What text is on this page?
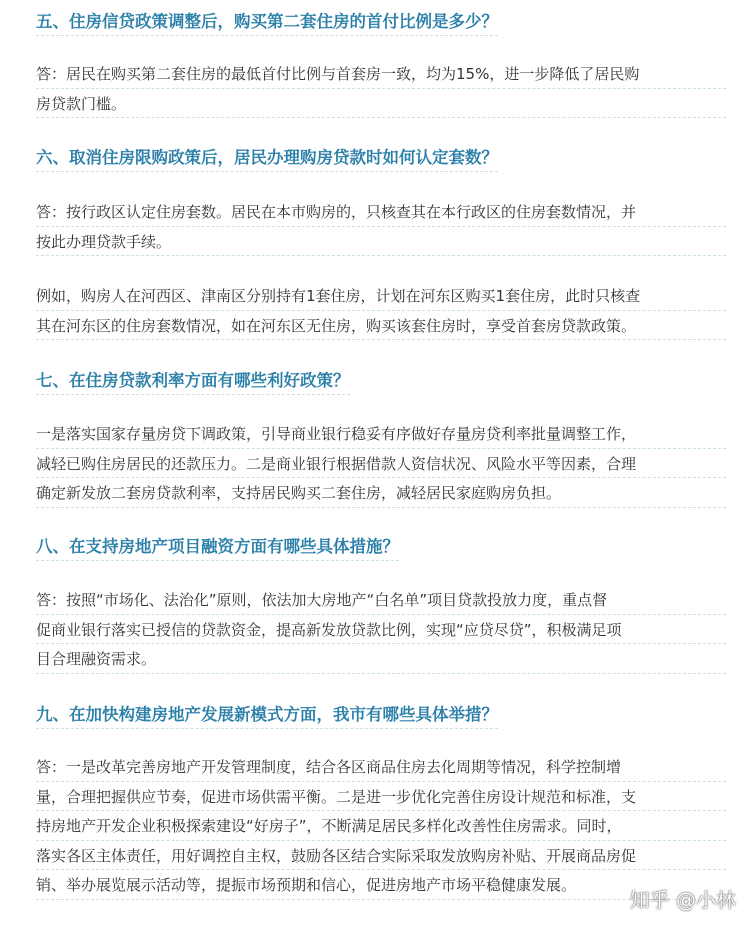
五、住房信贷政策调整后，购买第二套住房的首付比例是多少？
答：居民在购买第二套住房的最低首付比例与首套房一致，均为15%，进一步降低了居民购
房贷款门槛。
六、取消住房限购政策后，居民办理购房贷款时如何认定套数？
答：按行政区认定住房套数。居民在本市购房的，只核查其在本行政区的住房套数情况，并
按此办理贷款手续。
例如，购房人在河西区、津南区分别持有1套住房，计划在河东区购买1套住房，此时只核查
其在河东区的住房套数情况，如在河东区无住房，购买该套住房时，享受首套房贷款政策。
七、在住房贷款利率方面有哪些利好政策？
一是落实国家存量房贷下调政策，引导商业银行稳妥有序做好存量房贷利率批量调整工作，
减轻已购住房居民的还款压力。二是商业银行根据借款人资信状况、风险水平等因素，合理
确定新发放二套房贷款利率，支持居民购买二套住房，减轻居民家庭购房负担。
八、在支持房地产项目融资方面有哪些具体措施？
答：按照“市场化、法治化”原则，依法加大房地产“白名单”项目贷款投放力度，重点督
促商业银行落实已授信的贷款资金，提高新发放贷款比例，实现“应贷尽贷”，积极满足项
目合理融资需求。
九、在加快构建房地产发展新模式方面，我市有哪些具体举措？
答：一是改革完善房地产开发管理制度，结合各区商品住房去化周期等情况，科学控制增
量，合理把握供应节奏，促进市场供需平衡。二是进一步优化完善住房设计规范和标准，支
持房地产开发企业积极探索建设“好房子”，不断满足居民多样化改善性住房需求。同时，
落实各区主体责任，用好调控自主权，鼓励各区结合实际采取发放购房补贴、开展商品房促
销、举办展览展示活动等，提振市场预期和信心，促进房地产市场平稳健康发展。
知乎 @小林
